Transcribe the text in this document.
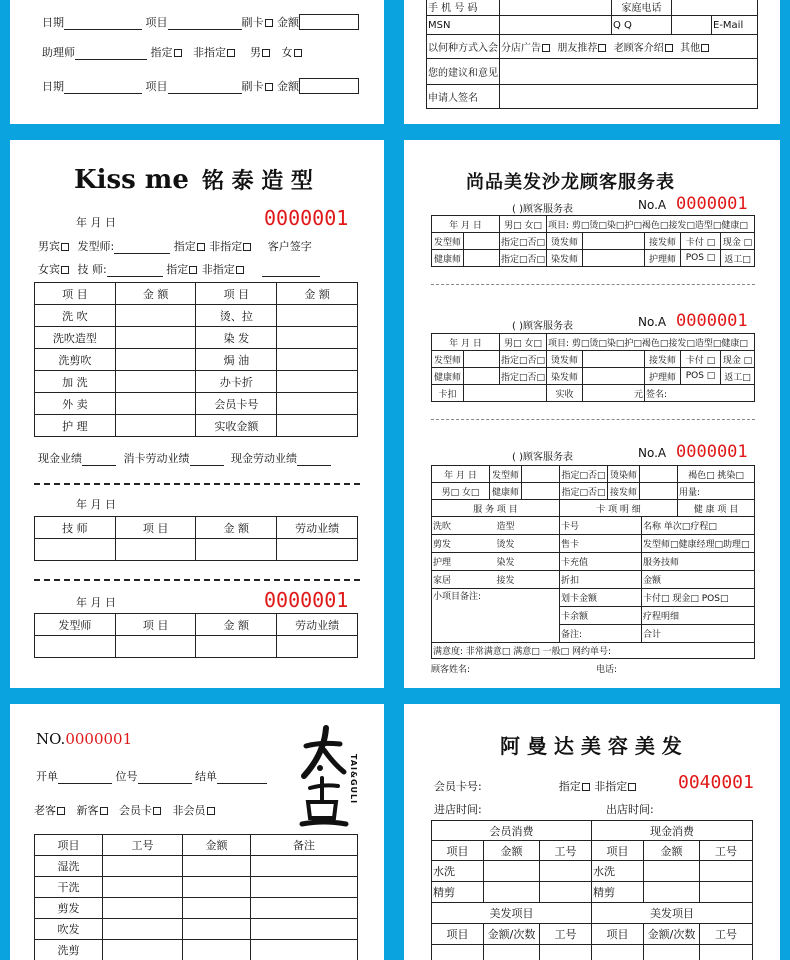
日期	项目	刷卡 金额
助理师	指定 非指定 男 女
日期	项目	刷卡 金额
手 机 号 码		家庭电话		
MSN		Q Q		E-Mail
以何种方式入会	分店广告 朋友推荐 老顾客介绍 其他			
您的建议和意见				
申请人签名				
Kiss me 铭 泰 造 型
年 月 日	0000001
男宾 发型师:	指定 非指定 客户签字
女宾 技 师:	指定 非指定
项 目	金 额	项 目	金 额
洗 吹		烫、拉	
洗吹造型		染 发	
洗剪吹		焗 油	
加 洗		办卡折	
外 卖		会员卡号	
护 理		实收金额	
现金业绩	消卡劳动业绩	现金劳动业绩
年 月 日
技 师	项 目	金 额	劳动业绩

年 月 日	0000001
发型师	项 目	金 额	劳动业绩

尚品美发沙龙顾客服务表
( )顾客服务表	No.A 0000001
年 月 日		男□ 女□	项目: 剪□烫□染□护□褐色□接发□造型□健康□				
发型师		指定□否□	烫发师		接发师	卡付 □	现金 □
健康师		指定□否□	染发师		护理师	POS □	返工□
( )顾客服务表	No.A 0000001
年 月 日		男□ 女□	项目: 剪□烫□染□护□褐色□接发□造型□健康□				
发型师		指定□否□	烫发师		接发师	卡付 □	现金 □
健康师		指定□否□	染发师		护理师	POS □	返工□
卡扣			实收	元	签名:		
( )顾客服务表	No.A 0000001
年 月 日	发型师		指定□否□	烫染师		褐色□ 挑染□
男□ 女□	健康师		指定□否□	接发师		用量:
服 务 项 目			卡 项 明 细			健 康 项 目
洗吹	造型	卡号	名称 单次□疗程□
剪发	烫发	售卡	发型师□健康经理□助理□
护理	染发	卡充值	服务技师
家居	接发	折扣	金额
小项目备注:		划卡金额	卡付□ 现金□ POS□
		卡余额	疗程明细
		备注:	合计
满意度: 非常满意□ 满意□ 一般□ 网约单号:			
顾客姓名:	电话:
NO.0000001
开单	位号	结单
老客 新客 会员卡 非会员
TAI&GULI
项目	工号	金额	备注
湿洗			
干洗			
剪发			
吹发			
洗剪			
阿 曼 达 美 容 美 发
会员卡号:	指定 非指定	0040001
进店时间:	出店时间:
会员消费			现金消费		
项目	金额	工号	项目	金额	工号
水洗			水洗		
精剪			精剪		
美发项目			美发项目		
项目	金额/次数	工号	项目	金额/次数	工号
